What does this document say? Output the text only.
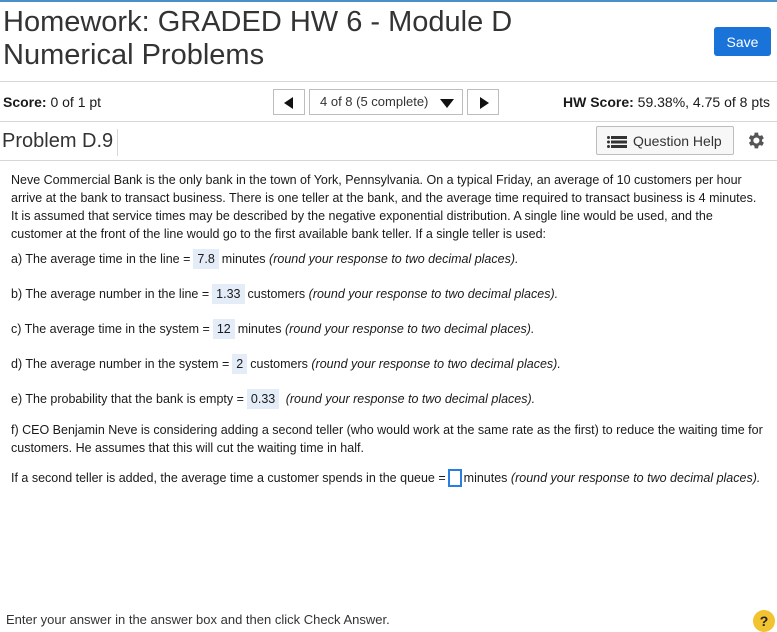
Homework: GRADED HW 6 - Module D Numerical Problems	Save
Score: 0 of 1 pt	4 of 8 (5 complete)	HW Score: 59.38%, 4.75 of 8 pts
Problem D.9	Question Help

Neve Commercial Bank is the only bank in the town of York, Pennsylvania. On a typical Friday, an average of 10 customers per hour arrive at the bank to transact business. There is one teller at the bank, and the average time required to transact business is 4 minutes. It is assumed that service times may be described by the negative exponential distribution. A single line would be used, and the customer at the front of the line would go to the first available bank teller. If a single teller is used:

a) The average time in the line = 7.8 minutes (round your response to two decimal places).
b) The average number in the line = 1.33 customers (round your response to two decimal places).
c) The average time in the system = 12 minutes (round your response to two decimal places).
d) The average number in the system = 2 customers (round your response to two decimal places).
e) The probability that the bank is empty = 0.33 (round your response to two decimal places).
f) CEO Benjamin Neve is considering adding a second teller (who would work at the same rate as the first) to reduce the waiting time for customers. He assumes that this will cut the waiting time in half.
If a second teller is added, the average time a customer spends in the queue = minutes (round your response to two decimal places).
Enter your answer in the answer box and then click Check Answer.	?
